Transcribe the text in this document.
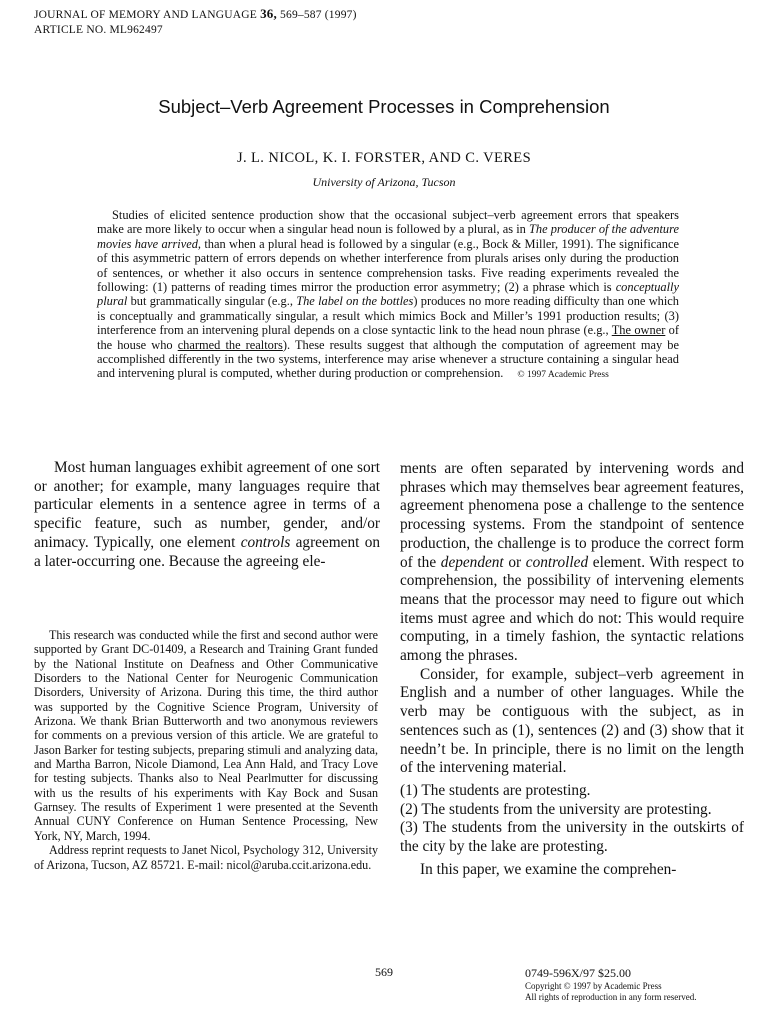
JOURNAL OF MEMORY AND LANGUAGE 36, 569–587 (1997)
ARTICLE NO. ML962497
Subject–Verb Agreement Processes in Comprehension
J. L. NICOL, K. I. FORSTER, AND C. VERES
University of Arizona, Tucson

Studies of elicited sentence production show that the occasional subject–verb agreement errors that speakers make are more likely to occur when a singular head noun is followed by a plural, as in The producer of the adventure movies have arrived, than when a plural head is followed by a singular (e.g., Bock & Miller, 1991). The significance of this asymmetric pattern of errors depends on whether interference from plurals arises only during the production of sentences, or whether it also occurs in sentence comprehension tasks. Five reading experiments revealed the following: (1) patterns of reading times mirror the production error asymmetry; (2) a phrase which is conceptually plural but grammatically singular (e.g., The label on the bottles) produces no more reading difficulty than one which is conceptually and grammatically singular, a result which mimics Bock and Miller’s 1991 production results; (3) interference from an intervening plural depends on a close syntactic link to the head noun phrase (e.g., The owner of the house who charmed the realtors). These results suggest that although the computation of agreement may be accomplished differently in the two systems, interference may arise whenever a structure containing a singular head and intervening plural is computed, whether during production or comprehension. © 1997 Academic Press

Most human languages exhibit agreement of one sort or another; for example, many languages require that particular elements in a sentence agree in terms of a specific feature, such as number, gender, and/or animacy. Typically, one element controls agreement on a later-occurring one. Because the agreeing ele-

This research was conducted while the first and second author were supported by Grant DC-01409, a Research and Training Grant funded by the National Institute on Deafness and Other Communicative Disorders to the National Center for Neurogenic Communication Disorders, University of Arizona. During this time, the third author was supported by the Cognitive Science Program, University of Arizona. We thank Brian Butterworth and two anonymous reviewers for comments on a previous version of this article. We are grateful to Jason Barker for testing subjects, preparing stimuli and analyzing data, and Martha Barron, Nicole Diamond, Lea Ann Hald, and Tracy Love for testing subjects. Thanks also to Neal Pearlmutter for discussing with us the results of his experiments with Kay Bock and Susan Garnsey. The results of Experiment 1 were presented at the Seventh Annual CUNY Conference on Human Sentence Processing, New York, NY, March, 1994.

Address reprint requests to Janet Nicol, Psychology 312, University of Arizona, Tucson, AZ 85721. E-mail: nicol@aruba.ccit.arizona.edu.

ments are often separated by intervening words and phrases which may themselves bear agreement features, agreement phenomena pose a challenge to the sentence processing systems. From the standpoint of sentence production, the challenge is to produce the correct form of the dependent or controlled element. With respect to comprehension, the possibility of intervening elements means that the processor may need to figure out which items must agree and which do not: This would require computing, in a timely fashion, the syntactic relations among the phrases.

Consider, for example, subject–verb agreement in English and a number of other languages. While the verb may be contiguous with the subject, as in sentences such as (1), sentences (2) and (3) show that it needn’t be. In principle, there is no limit on the length of the intervening material.

(1) The students are protesting.

(2) The students from the university are protesting.

(3) The students from the university in the outskirts of the city by the lake are protesting.

In this paper, we examine the comprehen-

569	0749-596X/97 $25.00
Copyright © 1997 by Academic Press
All rights of reproduction in any form reserved.
